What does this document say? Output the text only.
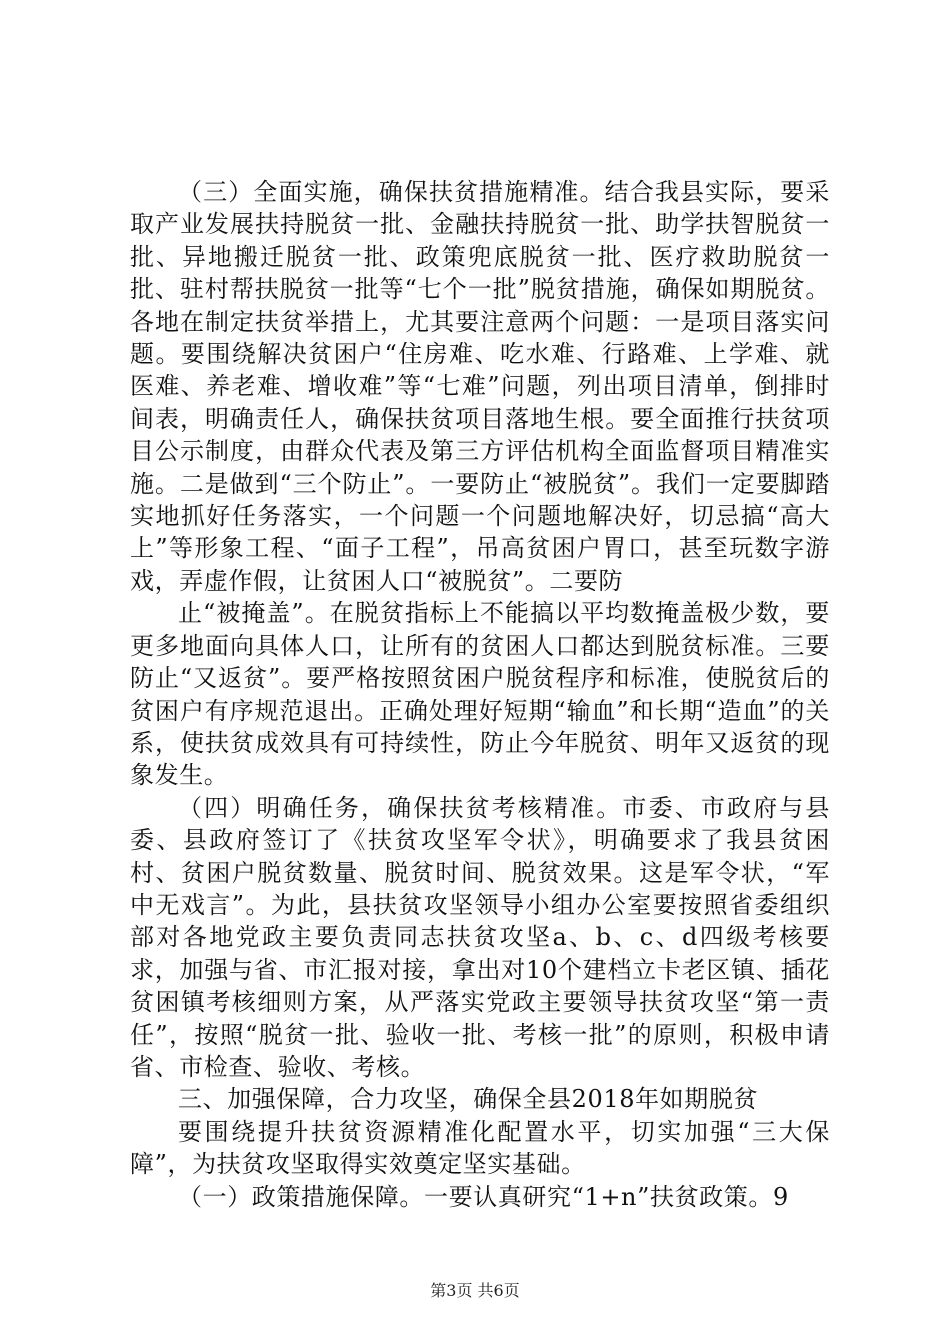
（三）全面实施，确保扶贫措施精准。结合我县实际，要采取产业发展扶持脱贫一批、金融扶持脱贫一批、助学扶智脱贫一批、异地搬迁脱贫一批、政策兜底脱贫一批、医疗救助脱贫一批、驻村帮扶脱贫一批等“七个一批”脱贫措施，确保如期脱贫。各地在制定扶贫举措上，尤其要注意两个问题：一是项目落实问题。要围绕解决贫困户“住房难、吃水难、行路难、上学难、就医难、养老难、增收难”等“七难”问题，列出项目清单，倒排时间表，明确责任人，确保扶贫项目落地生根。要全面推行扶贫项目公示制度，由群众代表及第三方评估机构全面监督项目精准实施。二是做到“三个防止”。一要防止“被脱贫”。我们一定要脚踏实地抓好任务落实，一个问题一个问题地解决好，切忌搞“高大上”等形象工程、“面子工程”，吊高贫困户胃口，甚至玩数字游戏，弄虚作假，让贫困人口“被脱贫”。二要防

止“被掩盖”。在脱贫指标上不能搞以平均数掩盖极少数，要更多地面向具体人口，让所有的贫困人口都达到脱贫标准。三要防止“又返贫”。要严格按照贫困户脱贫程序和标准，使脱贫后的贫困户有序规范退出。正确处理好短期“输血”和长期“造血”的关系，使扶贫成效具有可持续性，防止今年脱贫、明年又返贫的现象发生。

（四）明确任务，确保扶贫考核精准。市委、市政府与县委、县政府签订了《扶贫攻坚军令状》，明确要求了我县贫困村、贫困户脱贫数量、脱贫时间、脱贫效果。这是军令状，“军中无戏言”。为此，县扶贫攻坚领导小组办公室要按照省委组织部对各地党政主要负责同志扶贫攻坚a、b、c、d四级考核要求，加强与省、市汇报对接，拿出对10个建档立卡老区镇、插花贫困镇考核细则方案，从严落实党政主要领导扶贫攻坚“第一责任”，按照“脱贫一批、验收一批、考核一批”的原则，积极申请省、市检查、验收、考核。

三、加强保障，合力攻坚，确保全县2018年如期脱贫

要围绕提升扶贫资源精准化配置水平，切实加强“三大保障”，为扶贫攻坚取得实效奠定坚实基础。

（一）政策措施保障。一要认真研究“1+n”扶贫政策。9

第3页 共6页
